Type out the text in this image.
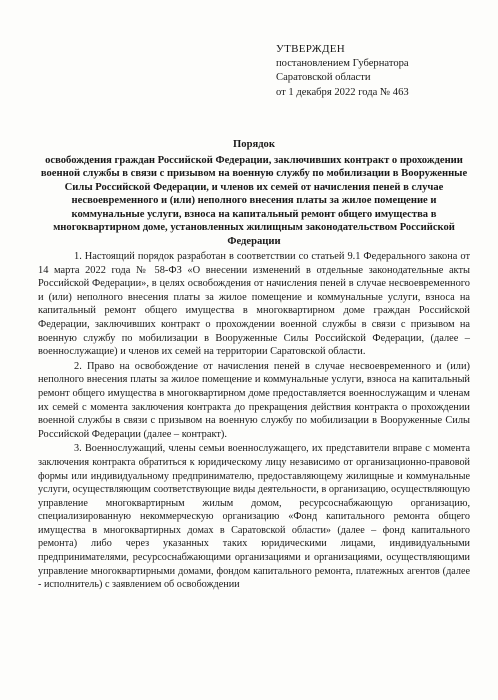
УТВЕРЖДЕН
постановлением Губернатора
Саратовской области
от 1 декабря 2022 года № 463
Порядок
освобождения граждан Российской Федерации, заключивших контракт о прохождении военной службы в связи с призывом на военную службу по мобилизации в Вооруженные Силы Российской Федерации, и членов их семей от начисления пеней в случае несвоевременного и (или) неполного внесения платы за жилое помещение и коммунальные услуги, взноса на капитальный ремонт общего имущества в многоквартирном доме, установленных жилищным законодательством Российской Федерации

1. Настоящий порядок разработан в соответствии со статьей 9.1 Федерального закона от 14 марта 2022 года № 58-ФЗ «О внесении изменений в отдельные законодательные акты Российской Федерации», в целях освобождения от начисления пеней в случае несвоевременного и (или) неполного внесения платы за жилое помещение и коммунальные услуги, взноса на капитальный ремонт общего имущества в многоквартирном доме граждан Российской Федерации, заключивших контракт о прохождении военной службы в связи с призывом на военную службу по мобилизации в Вооруженные Силы Российской Федерации, (далее – военнослужащие) и членов их семей на территории Саратовской области.

2. Право на освобождение от начисления пеней в случае несвоевременного и (или) неполного внесения платы за жилое помещение и коммунальные услуги, взноса на капитальный ремонт общего имущества в многоквартирном доме предоставляется военнослужащим и членам их семей с момента заключения контракта до прекращения действия контракта о прохождении военной службы в связи с призывом на военную службу по мобилизации в Вооруженные Силы Российской Федерации (далее – контракт).

3. Военнослужащий, члены семьи военнослужащего, их представители вправе с момента заключения контракта обратиться к юридическому лицу независимо от организационно-правовой формы или индивидуальному предпринимателю, предоставляющему жилищные и коммунальные услуги, осуществляющим соответствующие виды деятельности, в организацию, осуществляющую управление многоквартирным жилым домом, ресурсоснабжающую организацию, специализированную некоммерческую организацию «Фонд капитального ремонта общего имущества в многоквартирных домах в Саратовской области» (далее – фонд капитального ремонта) либо через указанных таких юридическими лицами, индивидуальными предпринимателями, ресурсоснабжающими организациями и организациями, осуществляющими управление многоквартирными домами, фондом капитального ремонта, платежных агентов (далее - исполнитель) с заявлением об освобождении
